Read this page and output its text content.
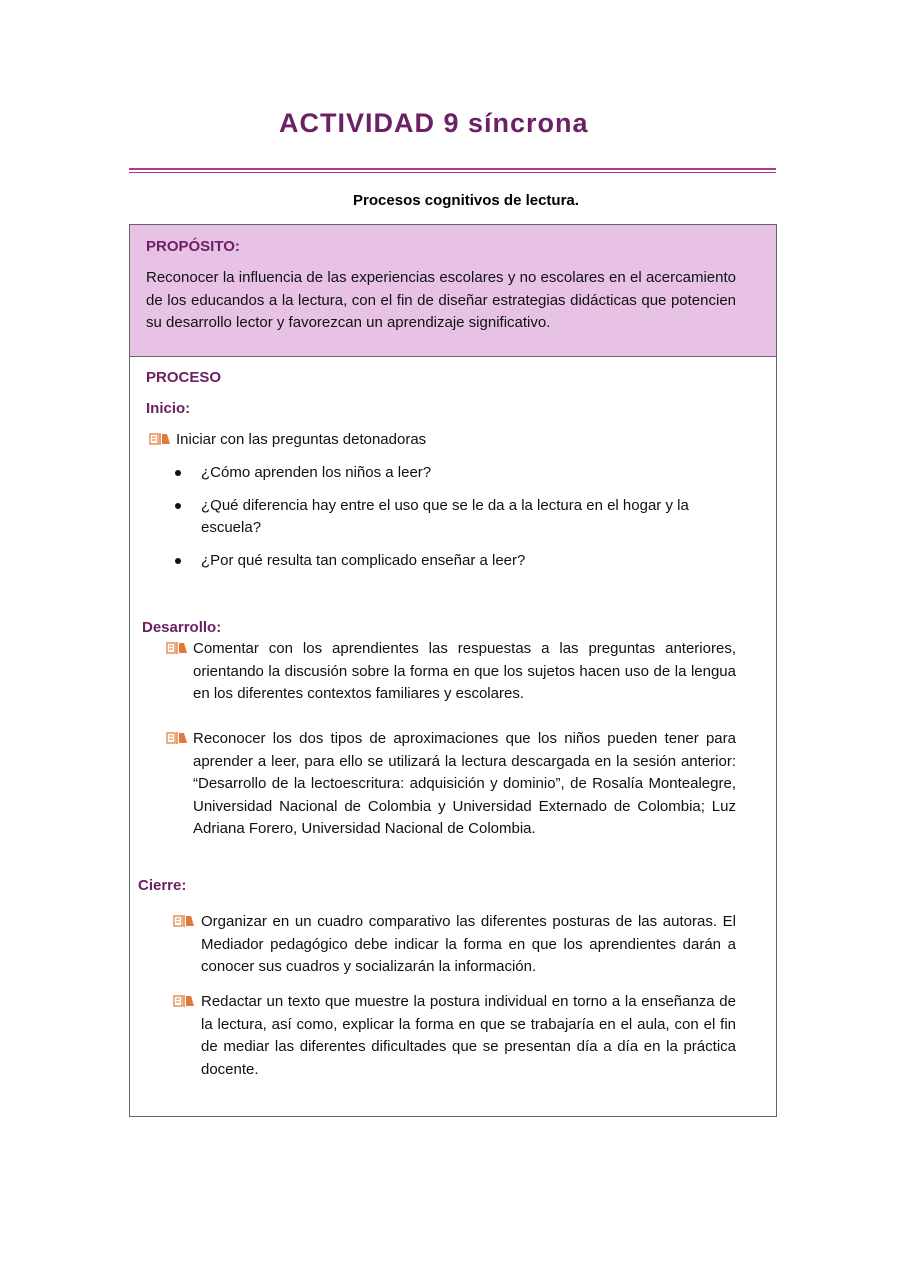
ACTIVIDAD 9 síncrona
Procesos cognitivos de lectura.
PROPÓSITO:
Reconocer la influencia de las experiencias escolares y no escolares en el acercamiento de los educandos a la lectura, con el fin de diseñar estrategias didácticas que potencien su desarrollo lector y favorezcan un aprendizaje significativo.
PROCESO
Inicio:
Iniciar con las preguntas detonadoras
¿Cómo aprenden los niños a leer?
¿Qué diferencia hay entre el uso que se le da a la lectura en el hogar y la escuela?
¿Por qué resulta tan complicado enseñar a leer?
Desarrollo:
Comentar con los aprendientes las respuestas a las preguntas anteriores, orientando la discusión sobre la forma en que los sujetos hacen uso de la lengua en los diferentes contextos familiares y escolares.
Reconocer los dos tipos de aproximaciones que los niños pueden tener para aprender a leer, para ello se utilizará la lectura descargada en la sesión anterior: “Desarrollo de la lectoescritura: adquisición y dominio”, de Rosalía Montealegre, Universidad Nacional de Colombia y Universidad Externado de Colombia; Luz Adriana Forero, Universidad Nacional de Colombia.
Cierre:
Organizar en un cuadro comparativo las diferentes posturas de las autoras. El Mediador pedagógico debe indicar la forma en que los aprendientes darán a conocer sus cuadros y socializarán la información.
Redactar un texto que muestre la postura individual en torno a la enseñanza de la lectura, así como, explicar la forma en que se trabajaría en el aula, con el fin de mediar las diferentes dificultades que se presentan día a día en la práctica docente.
